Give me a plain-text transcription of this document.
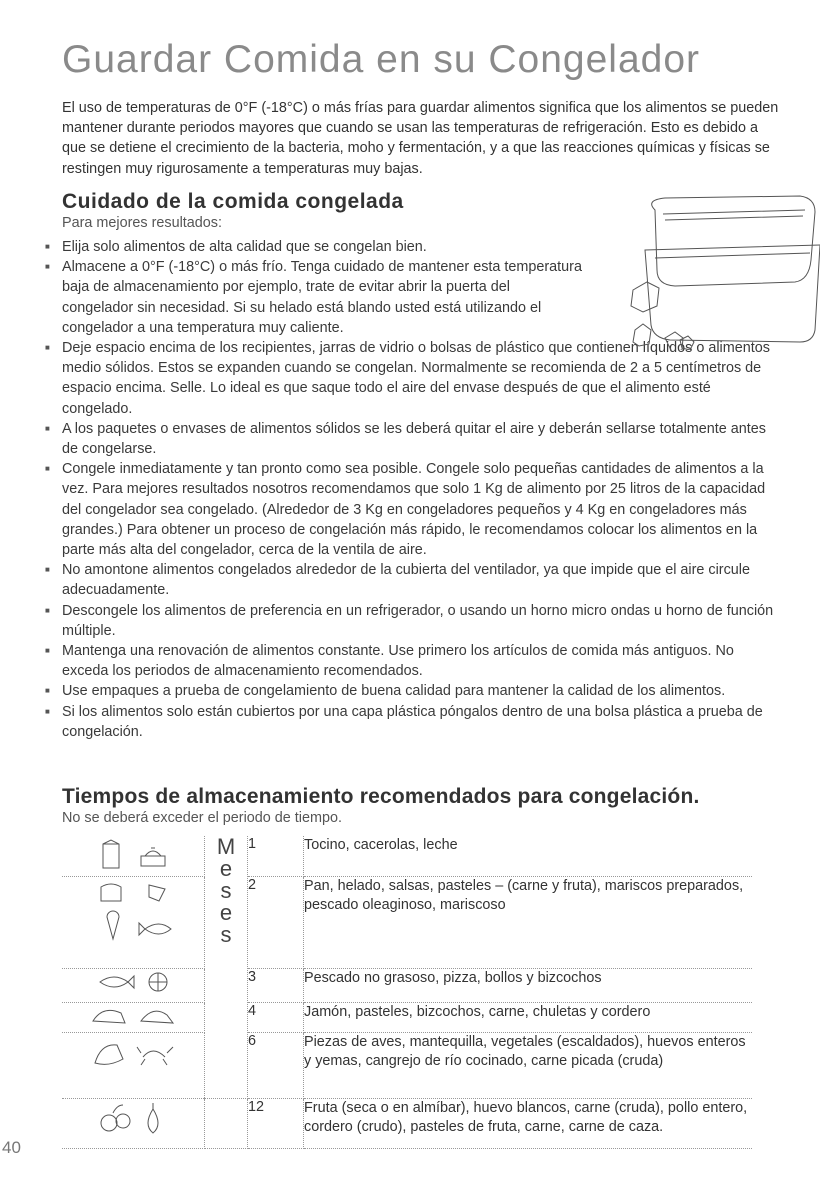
Guardar Comida en su Congelador

El uso de temperaturas de 0°F (-18°C) o más frías para guardar alimentos significa que los alimentos se pueden mantener durante periodos mayores que cuando se usan las temperaturas de refrigeración. Esto es debido a que se detiene el crecimiento de la bacteria, moho y fermentación, y a que las reacciones químicas y físicas se restingen muy rigurosamente a temperaturas muy bajas.

Cuidado de la comida congelada

Para mejores resultados:

■ Elija solo alimentos de alta calidad que se congelan bien.
■ Almacene a 0°F (-18°C) o más frío. Tenga cuidado de mantener esta temperatura baja de almacenamiento por ejemplo, trate de evitar abrir la puerta del congelador sin necesidad. Si su helado está blando usted está utilizando el congelador a una temperatura muy caliente.
■ Deje espacio encima de los recipientes, jarras de vidrio o bolsas de plástico que contienen líquidos o alimentos medio sólidos. Estos se expanden cuando se congelan. Normalmente se recomienda de 2 a 5 centímetros de espacio encima. Selle. Lo ideal es que saque todo el aire del envase después de que el alimento esté congelado.
■ A los paquetes o envases de alimentos sólidos se les deberá quitar el aire y deberán sellarse totalmente antes de congelarse.
■ Congele inmediatamente y tan pronto como sea posible. Congele solo pequeñas cantidades de alimentos a la vez. Para mejores resultados nosotros recomendamos que solo 1 Kg de alimento por 25 litros de la capacidad del congelador sea congelado. (Alrededor de 3 Kg en congeladores pequeños y 4 Kg en congeladores más grandes.) Para obtener un proceso de congelación más rápido, le recomendamos colocar los alimentos en la parte más alta del congelador, cerca de la ventila de aire.
■ No amontone alimentos congelados alrededor de la cubierta del ventilador, ya que impide que el aire circule adecuadamente.
■ Descongele los alimentos de preferencia en un refrigerador, o usando un horno micro ondas u horno de función múltiple.
■ Mantenga una renovación de alimentos constante. Use primero los artículos de comida más antiguos. No exceda los periodos de almacenamiento recomendados.
■ Use empaques a prueba de congelamiento de buena calidad para mantener la calidad de los alimentos.
■ Si los alimentos solo están cubiertos por una capa plástica póngalos dentro de una bolsa plástica a prueba de congelación.
Tiempos de almacenamiento recomendados para congelación.

No se deberá exceder el periodo de tiempo.

M
e
s
e
s	1	Tocino, cacerolas, leche

	2	Pan, helado, salsas, pasteles – (carne y fruta), mariscos preparados, pescado oleaginoso, mariscoso

	3	Pescado no grasoso, pizza, bollos y bizcochos

	4	Jamón, pasteles, bizcochos, carne, chuletas y cordero

	6	Piezas de aves, mantequilla, vegetales (escaldados), huevos enteros y yemas, cangrejo de río cocinado, carne picada (cruda)

		12	Fruta (seca o en almíbar), huevo blancos, carne (cruda), pollo entero, cordero (crudo), pasteles de fruta, carne, carne de caza.
40
